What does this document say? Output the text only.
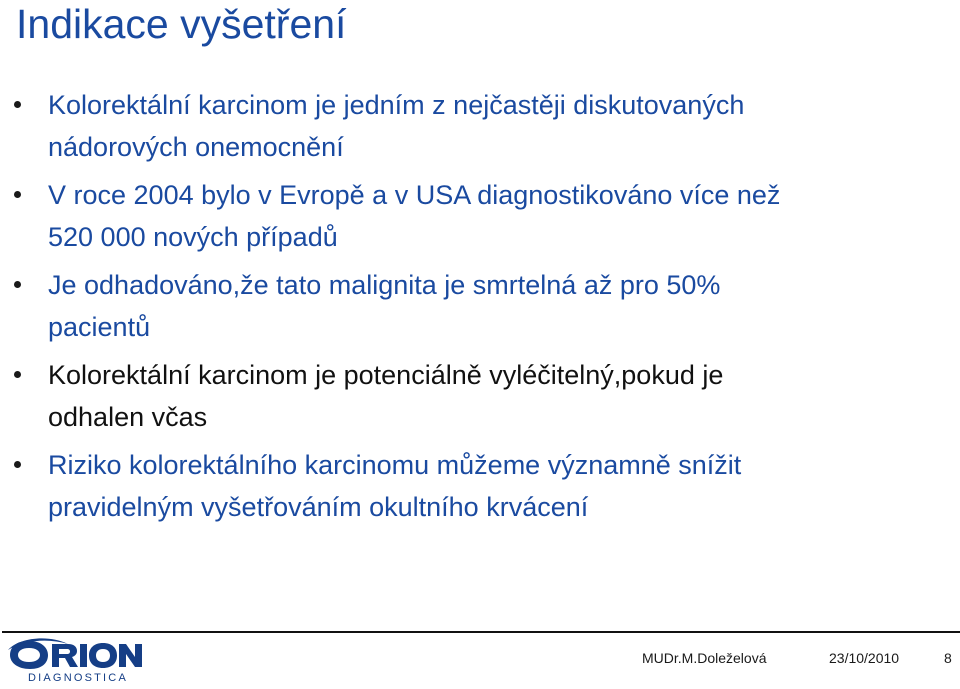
Indikace vyšetření
Kolorektální karcinom je jedním z nejčastěji diskutovaných
nádorových onemocnění
V roce 2004 bylo v Evropě a v USA diagnostikováno více než
520 000 nových případů
Je odhadováno,že tato malignita je smrtelná až pro 50%
pacientů
Kolorektální karcinom je potenciálně vyléčitelný,pokud je
odhalen včas
Riziko kolorektálního karcinomu můžeme významně snížit
pravidelným vyšetřováním okultního krvácení
DIAGNOSTICA
MUDr.M.Doleželová	23/10/2010	8
